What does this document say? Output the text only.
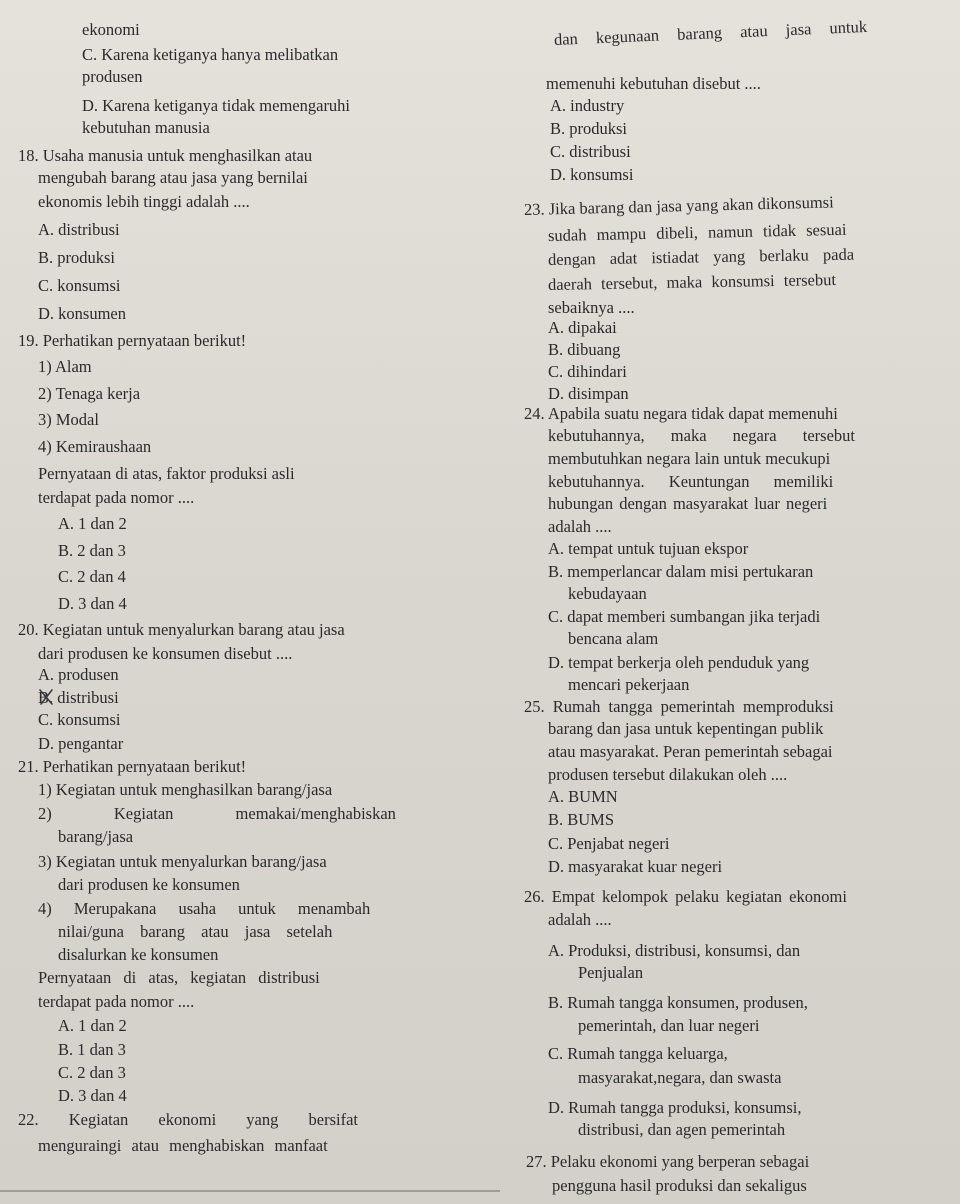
ekonomi
C. Karena ketiganya hanya melibatkan
produsen
D. Karena ketiganya tidak memengaruhi
kebutuhan manusia
18. Usaha manusia untuk menghasilkan atau
mengubah barang atau jasa yang bernilai
ekonomis lebih tinggi adalah ....
A. distribusi
B. produksi
C. konsumsi
D. konsumen
19. Perhatikan pernyataan berikut!
1) Alam
2) Tenaga kerja
3) Modal
4) Kemiraushaan
Pernyataan di atas, faktor produksi asli
terdapat pada nomor ....
A. 1 dan 2
B. 2 dan 3
C. 2 dan 4
D. 3 dan 4
20. Kegiatan untuk menyalurkan barang atau jasa
dari produsen ke konsumen disebut ....
A. produsen
B. distribusi
C. konsumsi
D. pengantar
21. Perhatikan pernyataan berikut!
1) Kegiatan untuk menghasilkan barang/jasa
2) Kegiatan memakai/menghabiskan
barang/jasa
3) Kegiatan untuk menyalurkan barang/jasa
dari produsen ke konsumen
4) Merupakana usaha untuk menambah
nilai/guna barang atau jasa setelah
disalurkan ke konsumen
Pernyataan di atas, kegiatan distribusi
terdapat pada nomor ....
A. 1 dan 2
B. 1 dan 3
C. 2 dan 3
D. 3 dan 4
22. Kegiatan ekonomi yang bersifat
menguraingi atau menghabiskan manfaat
dan kegunaan barang atau jasa untuk
memenuhi kebutuhan disebut ....
A. industry
B. produksi
C. distribusi
D. konsumsi
23. Jika barang dan jasa yang akan dikonsumsi
sudah mampu dibeli, namun tidak sesuai
dengan adat istiadat yang berlaku pada
daerah tersebut, maka konsumsi tersebut
sebaiknya ....
A. dipakai
B. dibuang
C. dihindari
D. disimpan
24. Apabila suatu negara tidak dapat memenuhi
kebutuhannya, maka negara tersebut
membutuhkan negara lain untuk mecukupi
kebutuhannya. Keuntungan memiliki
hubungan dengan masyarakat luar negeri
adalah ....
A. tempat untuk tujuan ekspor
B. memperlancar dalam misi pertukaran
kebudayaan
C. dapat memberi sumbangan jika terjadi
bencana alam
D. tempat berkerja oleh penduduk yang
mencari pekerjaan
25. Rumah tangga pemerintah memproduksi
barang dan jasa untuk kepentingan publik
atau masyarakat. Peran pemerintah sebagai
produsen tersebut dilakukan oleh ....
A. BUMN
B. BUMS
C. Penjabat negeri
D. masyarakat kuar negeri
26. Empat kelompok pelaku kegiatan ekonomi
adalah ....
A. Produksi, distribusi, konsumsi, dan
Penjualan
B. Rumah tangga konsumen, produsen,
pemerintah, dan luar negeri
C. Rumah tangga keluarga,
masyarakat,negara, dan swasta
D. Rumah tangga produksi, konsumsi,
distribusi, dan agen pemerintah
27. Pelaku ekonomi yang berperan sebagai
pengguna hasil produksi dan sekaligus
